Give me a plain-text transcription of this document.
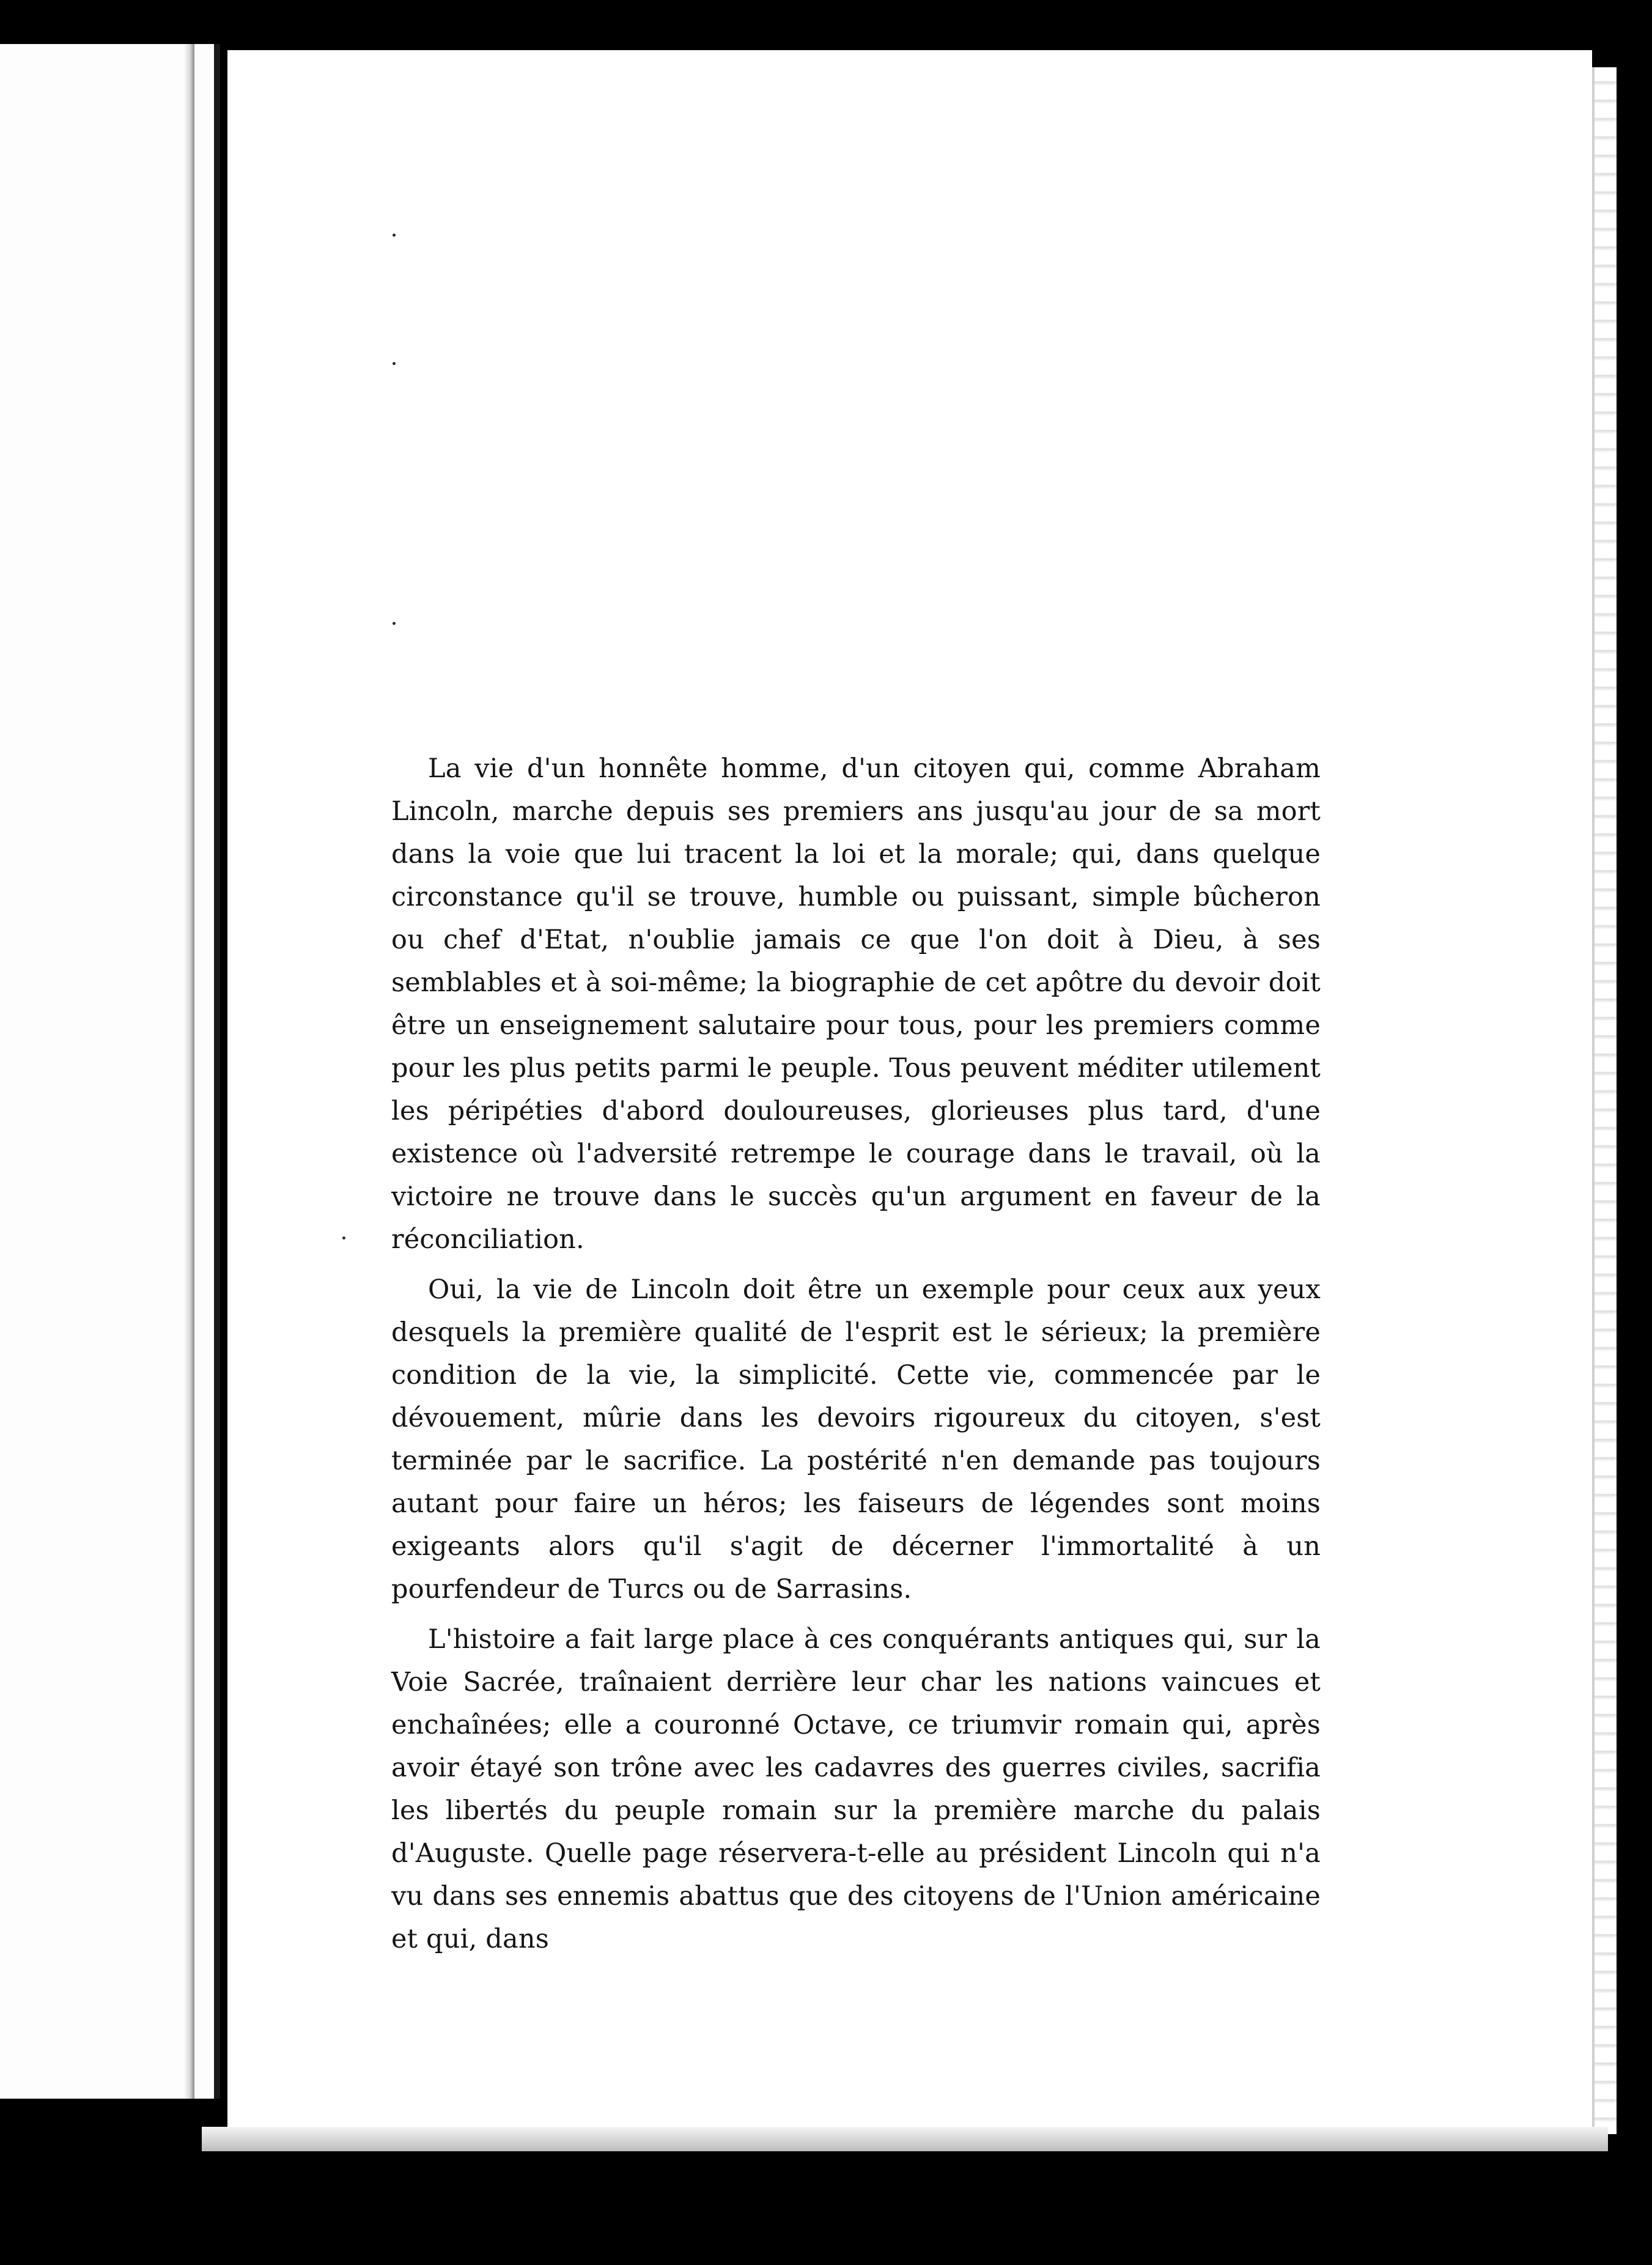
La vie d'un honnête homme, d'un citoyen qui, comme Abraham Lincoln, marche depuis ses premiers ans jusqu'au jour de sa mort dans la voie que lui tracent la loi et la morale; qui, dans quelque circonstance qu'il se trouve, humble ou puissant, simple bûcheron ou chef d'Etat, n'oublie jamais ce que l'on doit à Dieu, à ses semblables et à soi-même; la biographie de cet apôtre du devoir doit être un enseignement salutaire pour tous, pour les premiers comme pour les plus petits parmi le peuple. Tous peuvent méditer utilement les péripéties d'abord douloureuses, glorieuses plus tard, d'une existence où l'adversité retrempe le courage dans le travail, où la victoire ne trouve dans le succès qu'un argument en faveur de la réconciliation.

Oui, la vie de Lincoln doit être un exemple pour ceux aux yeux desquels la première qualité de l'esprit est le sérieux; la première condition de la vie, la simplicité. Cette vie, commencée par le dévouement, mûrie dans les devoirs rigoureux du citoyen, s'est terminée par le sacrifice. La postérité n'en demande pas toujours autant pour faire un héros; les faiseurs de légendes sont moins exigeants alors qu'il s'agit de décerner l'immortalité à un pourfendeur de Turcs ou de Sarrasins.

L'histoire a fait large place à ces conquérants antiques qui, sur la Voie Sacrée, traînaient derrière leur char les nations vaincues et enchaînées; elle a couronné Octave, ce triumvir romain qui, après avoir étayé son trône avec les cadavres des guerres civiles, sacrifia les libertés du peuple romain sur la première marche du palais d'Auguste. Quelle page réservera-t-elle au président Lincoln qui n'a vu dans ses ennemis abattus que des citoyens de l'Union américaine et qui, dans
